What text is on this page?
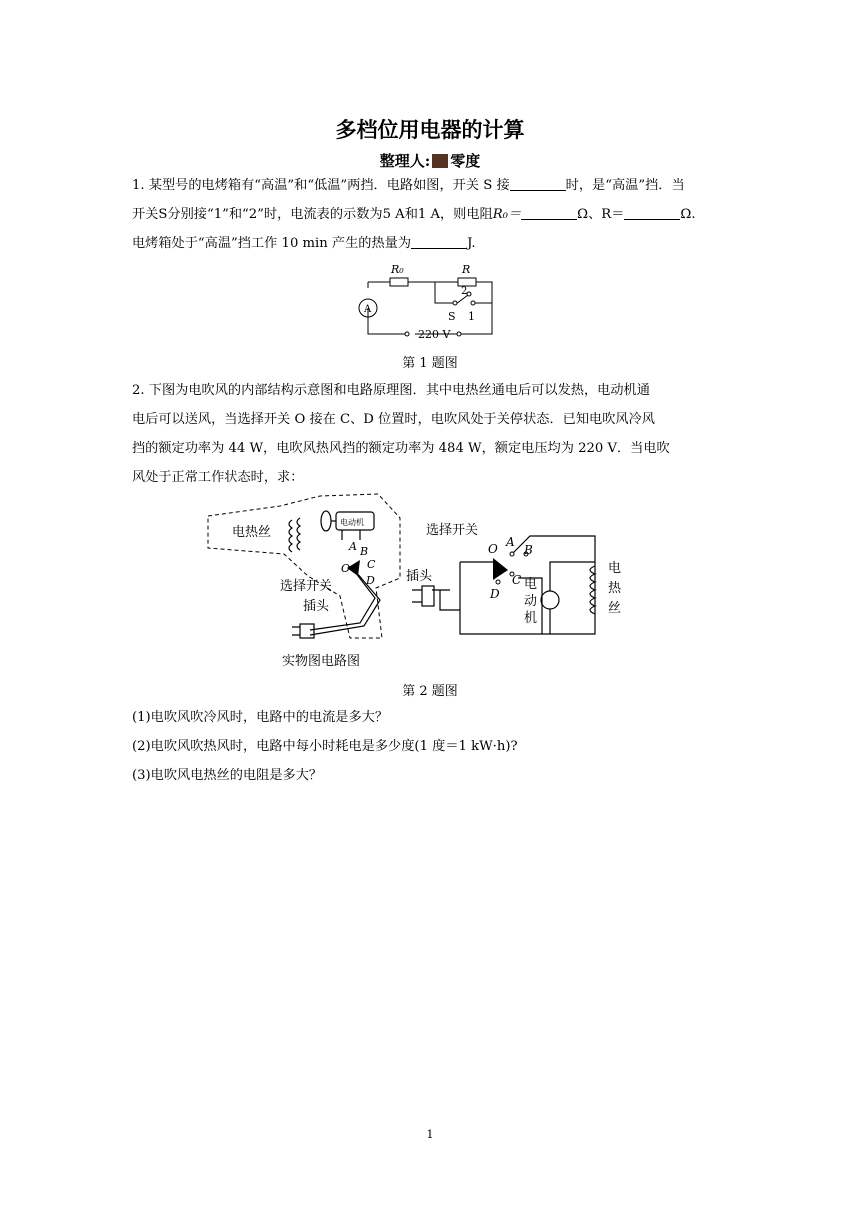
多档位用电器的计算
整理人: 零度
1. 某型号的电烤箱有“高温”和“低温”两挡．电路如图，开关 S 接	时，是“高温”挡．当
开关S分别接“1”和“2”时，电流表的示数为5 A和1 A，则电阻R₀＝	Ω、R＝	Ω.
电烤箱处于“高温”挡工作 10 min 产生的热量为	J.
R₀	R
A
2
S 1
220 V
第 1 题图
2. 下图为电吹风的内部结构示意图和电路原理图．其中电热丝通电后可以发热，电动机通
电后可以送风，当选择开关 O 接在 C、D 位置时，电吹风处于关停状态．已知电吹风冷风
挡的额定功率为 44 W，电吹风热风挡的额定功率为 484 W，额定电压均为 220 V．当电吹
风处于正常工作状态时，求：
电热丝
电动机
A B
O C
D
选择开关
插头
选择开关
O A
B
C
D
插头
电动机
电热丝
实物图电路图
第 2 题图
(1)电吹风吹冷风时，电路中的电流是多大？
(2)电吹风吹热风时，电路中每小时耗电是多少度(1 度＝1 kW·h)?
(3)电吹风电热丝的电阻是多大？
1
